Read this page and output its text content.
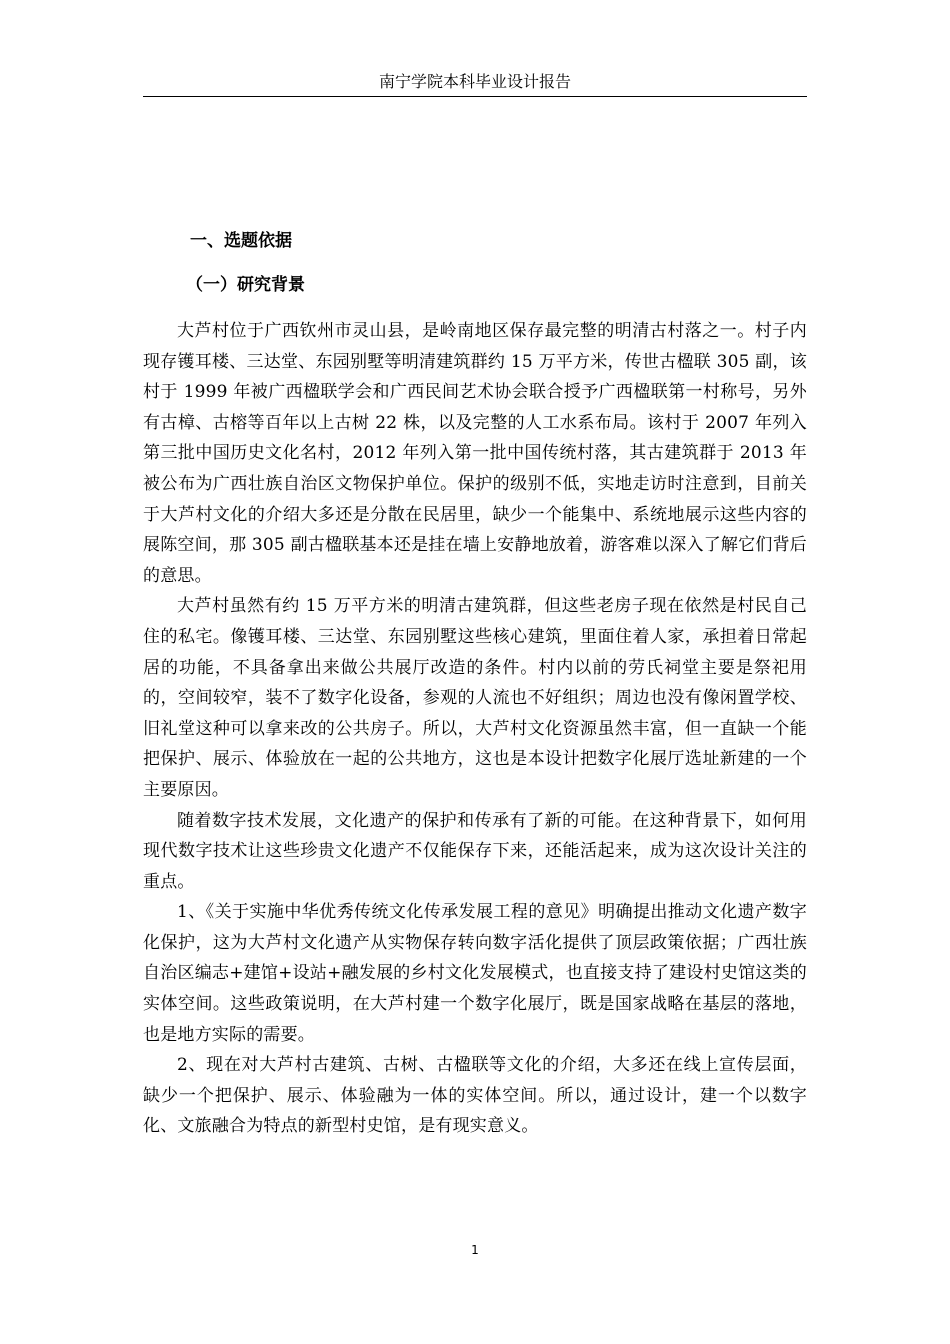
南宁学院本科毕业设计报告
一、选题依据
（一）研究背景

大芦村位于广西钦州市灵山县，是岭南地区保存最完整的明清古村落之一。村子内现存镬耳楼、三达堂、东园别墅等明清建筑群约 15 万平方米，传世古楹联 305 副，该村于 1999 年被广西楹联学会和广西民间艺术协会联合授予广西楹联第一村称号，另外有古樟、古榕等百年以上古树 22 株，以及完整的人工水系布局。该村于 2007 年列入第三批中国历史文化名村，2012 年列入第一批中国传统村落，其古建筑群于 2013 年被公布为广西壮族自治区文物保护单位。保护的级别不低，实地走访时注意到，目前关于大芦村文化的介绍大多还是分散在民居里，缺少一个能集中、系统地展示这些内容的展陈空间，那 305 副古楹联基本还是挂在墙上安静地放着，游客难以深入了解它们背后的意思。

大芦村虽然有约 15 万平方米的明清古建筑群，但这些老房子现在依然是村民自己住的私宅。像镬耳楼、三达堂、东园别墅这些核心建筑，里面住着人家，承担着日常起居的功能，不具备拿出来做公共展厅改造的条件。村内以前的劳氏祠堂主要是祭祀用的，空间较窄，装不了数字化设备，参观的人流也不好组织；周边也没有像闲置学校、旧礼堂这种可以拿来改的公共房子。所以，大芦村文化资源虽然丰富，但一直缺一个能把保护、展示、体验放在一起的公共地方，这也是本设计把数字化展厅选址新建的一个主要原因。

随着数字技术发展，文化遗产的保护和传承有了新的可能。在这种背景下，如何用现代数字技术让这些珍贵文化遗产不仅能保存下来，还能活起来，成为这次设计关注的重点。

1、《关于实施中华优秀传统文化传承发展工程的意见》明确提出推动文化遗产数字化保护，这为大芦村文化遗产从实物保存转向数字活化提供了顶层政策依据；广西壮族自治区编志+建馆+设站+融发展的乡村文化发展模式，也直接支持了建设村史馆这类的实体空间。这些政策说明，在大芦村建一个数字化展厅，既是国家战略在基层的落地，也是地方实际的需要。

2、现在对大芦村古建筑、古树、古楹联等文化的介绍，大多还在线上宣传层面，缺少一个把保护、展示、体验融为一体的实体空间。所以，通过设计，建一个以数字化、文旅融合为特点的新型村史馆，是有现实意义。

1
